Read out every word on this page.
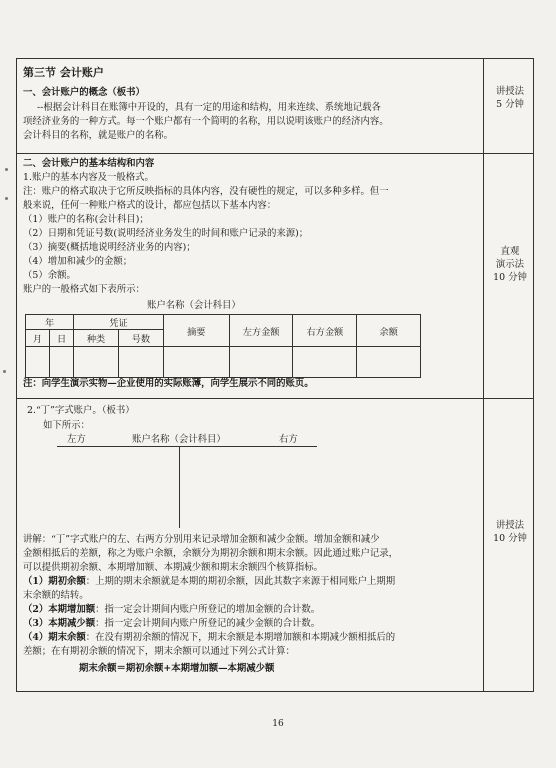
第三节 会计账户
一、会计账户的概念（板书）
--根据会计科目在账簿中开设的，具有一定的用途和结构，用来连续、系统地记载各
项经济业务的一种方式。每一个账户都有一个简明的名称，用以说明该账户的经济内容。
会计科目的名称，就是账户的名称。
讲授法
5 分钟
二、会计账户的基本结构和内容
1.账户的基本内容及一般格式。
注：账户的格式取决于它所反映指标的具体内容，没有硬性的规定，可以多种多样。但一
般来说，任何一种账户格式的设计，都应包括以下基本内容：
（1）账户的名称(会计科目)；
（2）日期和凭证号数(说明经济业务发生的时间和账户记录的来源)；
（3）摘要(概括地说明经济业务的内容)；
（4）增加和减少的金额；
（5）余额。
账户的一般格式如下表所示：
账户名称（会计科目）
年		凭证		摘要	左方金额	右方金额	余额
月	日	种类	号数				

注：向学生演示实物—企业使用的实际账薄，向学生展示不同的账页。
直观
演示法
10 分钟
2.“丁”字式账户。（板书）
如下所示：
左方	账户名称（会计科目）	右方
讲解：“丁”字式账户的左、右两方分别用来记录增加金额和减少金额。增加金额和减少
金额相抵后的差额，称之为账户余额，余额分为期初余额和期末余额。因此通过账户记录，
可以提供期初余额、本期增加额、本期减少额和期末余额四个核算指标。
（1）期初余额：上期的期末余额就是本期的期初余额，因此其数字来源于相同账户上期期
末余额的结转。
（2）本期增加额：指一定会计期间内账户所登记的增加金额的合计数。
（3）本期减少额：指一定会计期间内账户所登记的减少金额的合计数。
（4）期末余额：在没有期初余额的情况下，期末余额是本期增加额和本期减少额相抵后的
差额；在有期初余额的情况下，期末余额可以通过下列公式计算：
期末余额＝期初余额+本期增加额—本期减少额
讲授法
10 分钟
16
